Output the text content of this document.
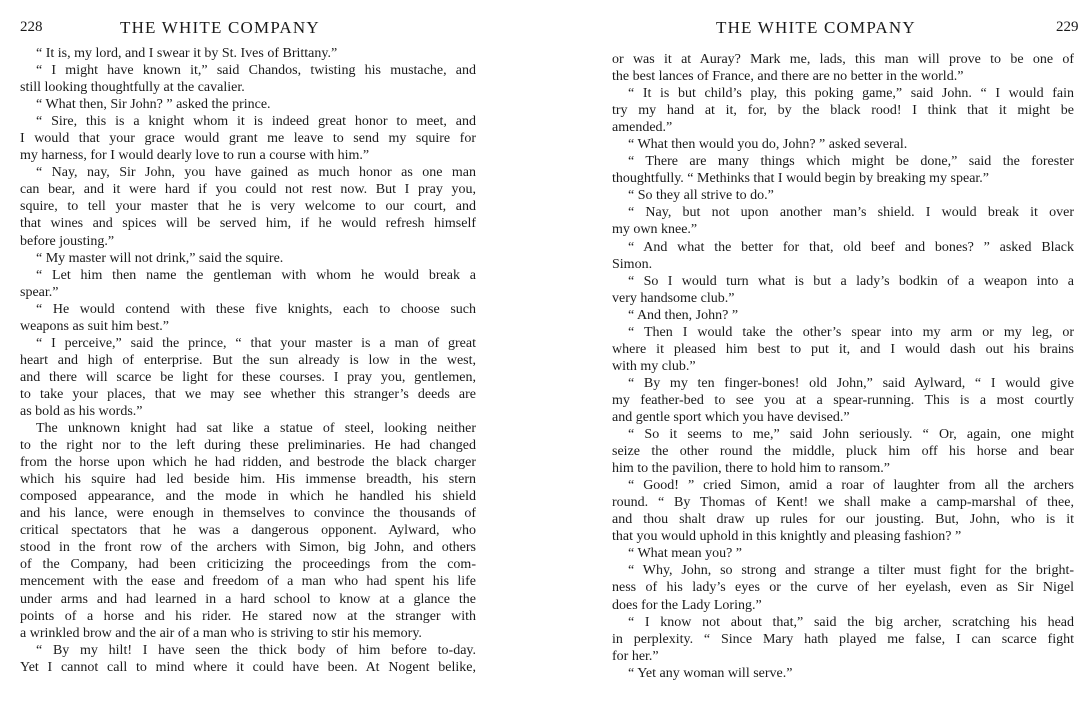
228	THE WHITE COMPANY
“ It is, my lord, and I swear it by St. Ives of Brittany.”
“ I might have known it,” said Chandos, twisting his mustache, and
still looking thoughtfully at the cavalier.
“ What then, Sir John? ” asked the prince.
“ Sire, this is a knight whom it is indeed great honor to meet, and
I would that your grace would grant me leave to send my squire for
my harness, for I would dearly love to run a course with him.”
“ Nay, nay, Sir John, you have gained as much honor as one man
can bear, and it were hard if you could not rest now. But I pray you,
squire, to tell your master that he is very welcome to our court, and
that wines and spices will be served him, if he would refresh himself
before jousting.”
“ My master will not drink,” said the squire.
“ Let him then name the gentleman with whom he would break a
spear.”
“ He would contend with these five knights, each to choose such
weapons as suit him best.”
“ I perceive,” said the prince, “ that your master is a man of great
heart and high of enterprise. But the sun already is low in the west,
and there will scarce be light for these courses. I pray you, gentlemen,
to take your places, that we may see whether this stranger’s deeds are
as bold as his words.”
The unknown knight had sat like a statue of steel, looking neither
to the right nor to the left during these preliminaries. He had changed
from the horse upon which he had ridden, and bestrode the black charger
which his squire had led beside him. His immense breadth, his stern
composed appearance, and the mode in which he handled his shield
and his lance, were enough in themselves to convince the thousands of
critical spectators that he was a dangerous opponent. Aylward, who
stood in the front row of the archers with Simon, big John, and others
of the Company, had been criticizing the proceedings from the com-
mencement with the ease and freedom of a man who had spent his life
under arms and had learned in a hard school to know at a glance the
points of a horse and his rider. He stared now at the stranger with
a wrinkled brow and the air of a man who is striving to stir his memory.
“ By my hilt! I have seen the thick body of him before to-day.
Yet I cannot call to mind where it could have been. At Nogent belike,
THE WHITE COMPANY	229
or was it at Auray? Mark me, lads, this man will prove to be one of
the best lances of France, and there are no better in the world.”
“ It is but child’s play, this poking game,” said John. “ I would fain
try my hand at it, for, by the black rood! I think that it might be
amended.”
“ What then would you do, John? ” asked several.
“ There are many things which might be done,” said the forester
thoughtfully. “ Methinks that I would begin by breaking my spear.”
“ So they all strive to do.”
“ Nay, but not upon another man’s shield. I would break it over
my own knee.”
“ And what the better for that, old beef and bones? ” asked Black
Simon.
“ So I would turn what is but a lady’s bodkin of a weapon into a
very handsome club.”
“ And then, John? ”
“ Then I would take the other’s spear into my arm or my leg, or
where it pleased him best to put it, and I would dash out his brains
with my club.”
“ By my ten finger-bones! old John,” said Aylward, “ I would give
my feather-bed to see you at a spear-running. This is a most courtly
and gentle sport which you have devised.”
“ So it seems to me,” said John seriously. “ Or, again, one might
seize the other round the middle, pluck him off his horse and bear
him to the pavilion, there to hold him to ransom.”
“ Good! ” cried Simon, amid a roar of laughter from all the archers
round. “ By Thomas of Kent! we shall make a camp-marshal of thee,
and thou shalt draw up rules for our jousting. But, John, who is it
that you would uphold in this knightly and pleasing fashion? ”
“ What mean you? ”
“ Why, John, so strong and strange a tilter must fight for the bright-
ness of his lady’s eyes or the curve of her eyelash, even as Sir Nigel
does for the Lady Loring.”
“ I know not about that,” said the big archer, scratching his head
in perplexity. “ Since Mary hath played me false, I can scarce fight
for her.”
“ Yet any woman will serve.”
